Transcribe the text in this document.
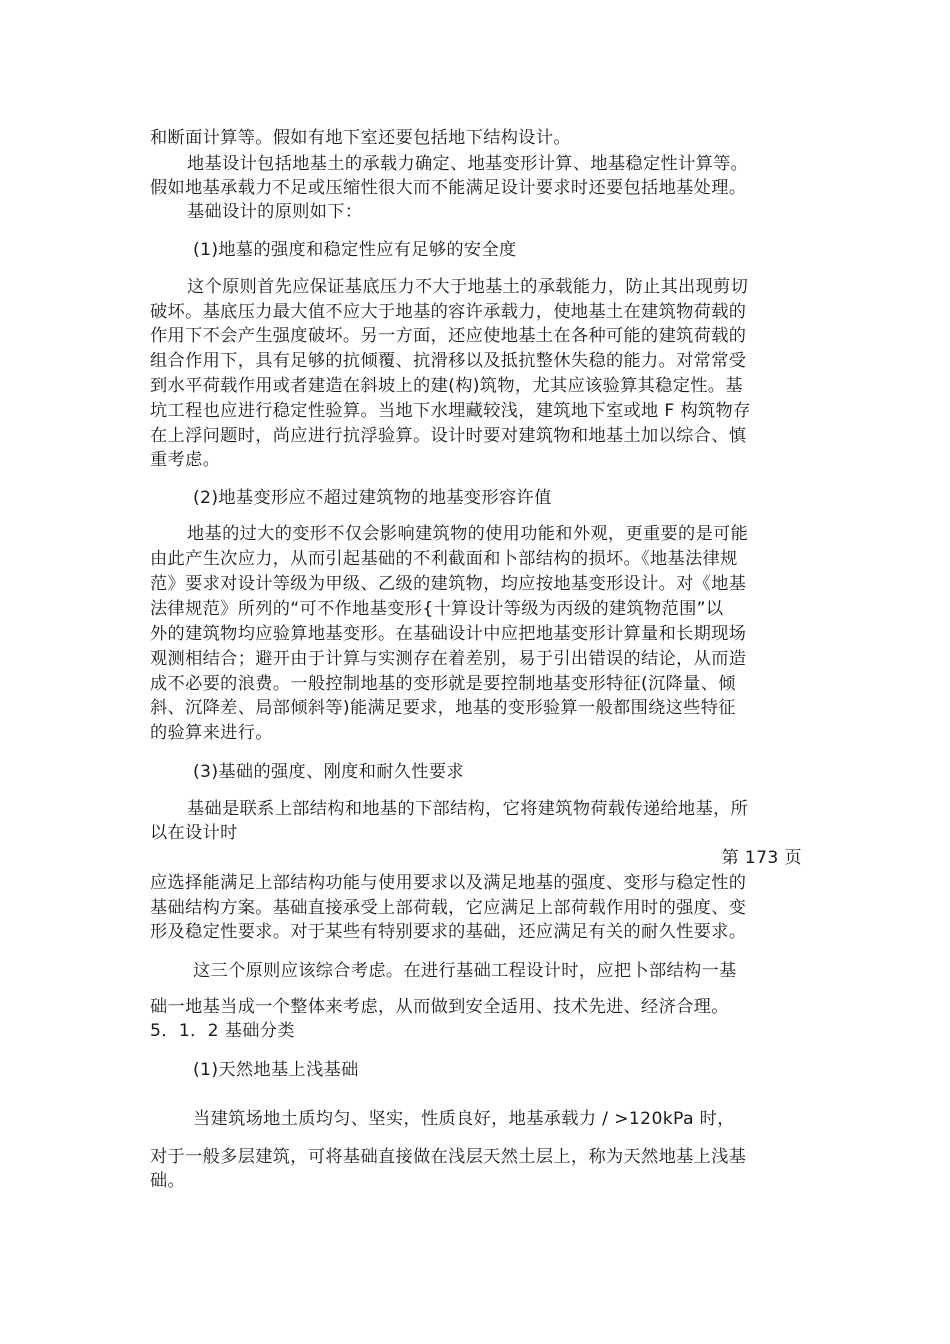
和断面计算等。假如有地下室还要包括地下结构设计。
地基设计包括地基土的承载力确定、地基变形计算、地基稳定性计算等。
假如地基承载力不足或压缩性很大而不能满足设计要求时还要包括地基处理。
基础设计的原则如下：
(1)地墓的强度和稳定性应有足够的安全度
这个原则首先应保证基底压力不大于地基土的承载能力，防止其出现剪切
破坏。基底压力最大值不应大于地基的容许承载力，使地基土在建筑物荷载的
作用下不会产生强度破坏。另一方面，还应使地基土在各种可能的建筑荷载的
组合作用下，具有足够的抗倾覆、抗滑移以及抵抗整休失稳的能力。对常常受
到水平荷载作用或者建造在斜坡上的建(构)筑物，尤其应该验算其稳定性。基
坑工程也应进行稳定性验算。当地下水埋藏较浅，建筑地下室或地 F 构筑物存
在上浮问题时，尚应进行抗浮验算。设计时要对建筑物和地基土加以综合、慎
重考虑。
(2)地基变形应不超过建筑物的地基变形容许值
地基的过大的变形不仅会影响建筑物的使用功能和外观，更重要的是可能
由此产生次应力，从而引起基础的不利截面和卜部结构的损坏。《地基法律规
范》要求对设计等级为甲级、乙级的建筑物，均应按地基变形设计。对《地基
法律规范》所列的“可不作地基变形{十算设计等级为丙级的建筑物范围”以
外的建筑物均应验算地基变形。在基础设计中应把地基变形计算量和长期现场
观测相结合；避开由于计算与实测存在着差别，易于引出错误的结论，从而造
成不必要的浪费。一般控制地基的变形就是要控制地基变形特征(沉降量、倾
斜、沉降差、局部倾斜等)能满足要求，地基的变形验算一般都围绕这些特征
的验算来进行。
(3)基础的强度、刚度和耐久性要求
基础是联系上部结构和地基的下部结构，它将建筑物荷载传递给地基，所
以在设计时
第 173 页
应选择能满足上部结构功能与使用要求以及满足地基的强度、变形与稳定性的
基础结构方案。基础直接承受上部荷载，它应满足上部荷载作用时的强度、变
形及稳定性要求。对于某些有特别要求的基础，还应满足有关的耐久性要求。
这三个原则应该综合考虑。在进行基础工程设计时，应把卜部结构一基
础一地基当成一个整体来考虑，从而做到安全适用、技术先进、经济合理。
5．1．2 基础分类
(1)天然地基上浅基础
当建筑场地土质均匀、坚实，性质良好，地基承载力 / >120kPa 时，
对于一般多层建筑，可将基础直接做在浅层天然土层上，称为天然地基上浅基
础。
